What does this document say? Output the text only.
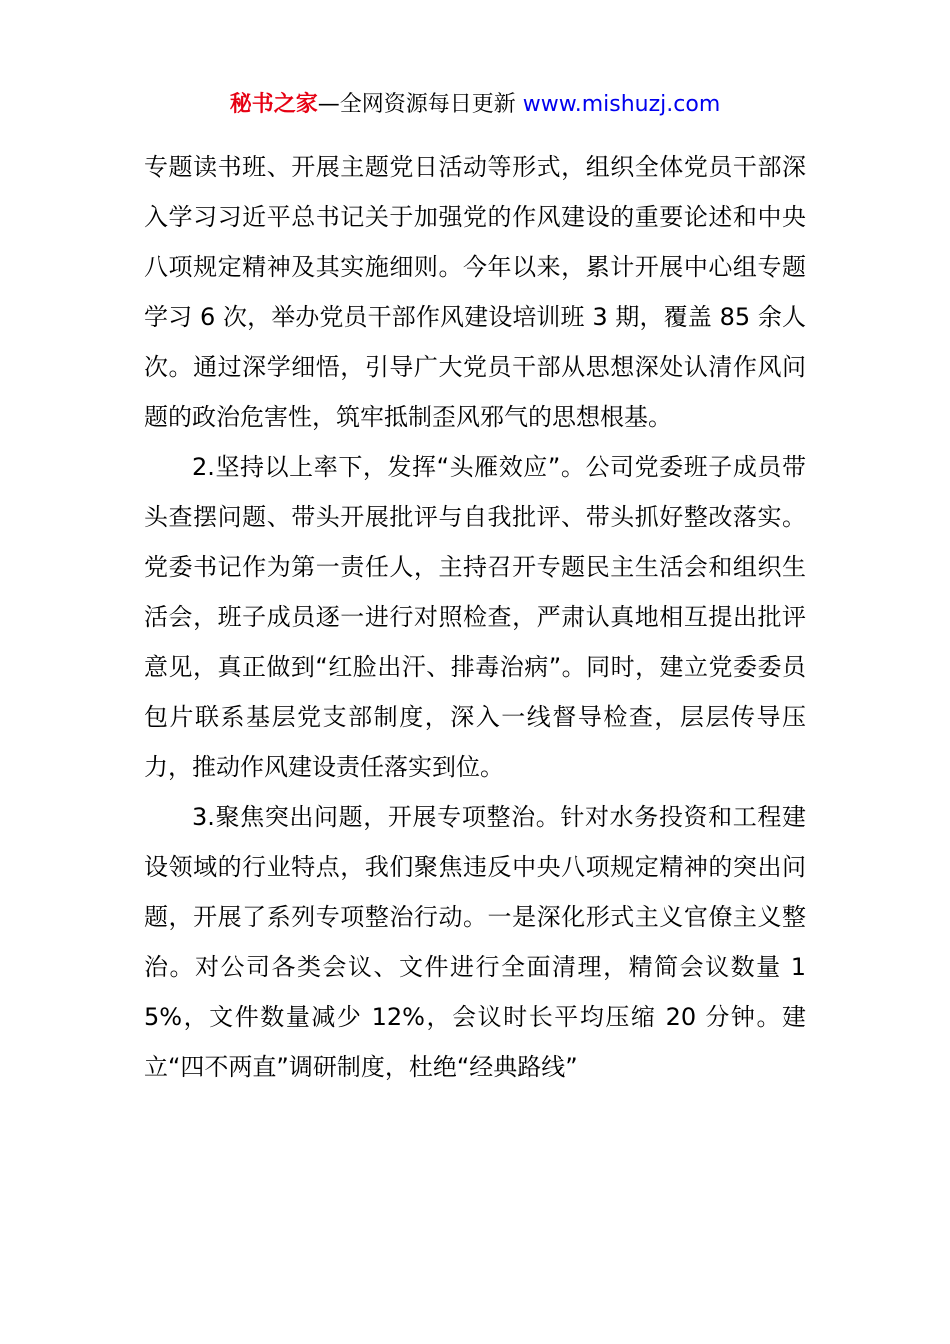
秘书之家—全网资源每日更新 www.mishuzj.com

专题读书班、开展主题党日活动等形式，组织全体党员干部深入学习习近平总书记关于加强党的作风建设的重要论述和中央八项规定精神及其实施细则。今年以来，累计开展中心组专题学习 6 次，举办党员干部作风建设培训班 3 期，覆盖 85 余人次。通过深学细悟，引导广大党员干部从思想深处认清作风问题的政治危害性，筑牢抵制歪风邪气的思想根基。

2.坚持以上率下，发挥“头雁效应”。公司党委班子成员带头查摆问题、带头开展批评与自我批评、带头抓好整改落实。党委书记作为第一责任人，主持召开专题民主生活会和组织生活会，班子成员逐一进行对照检查，严肃认真地相互提出批评意见，真正做到“红脸出汗、排毒治病”。同时，建立党委委员包片联系基层党支部制度，深入一线督导检查，层层传导压力，推动作风建设责任落实到位。

3.聚焦突出问题，开展专项整治。针对水务投资和工程建设领域的行业特点，我们聚焦违反中央八项规定精神的突出问题，开展了系列专项整治行动。一是深化形式主义官僚主义整治。对公司各类会议、文件进行全面清理，精简会议数量 15%，文件数量减少 12%，会议时长平均压缩 20 分钟。建立“四不两直”调研制度，杜绝“经典路线”
